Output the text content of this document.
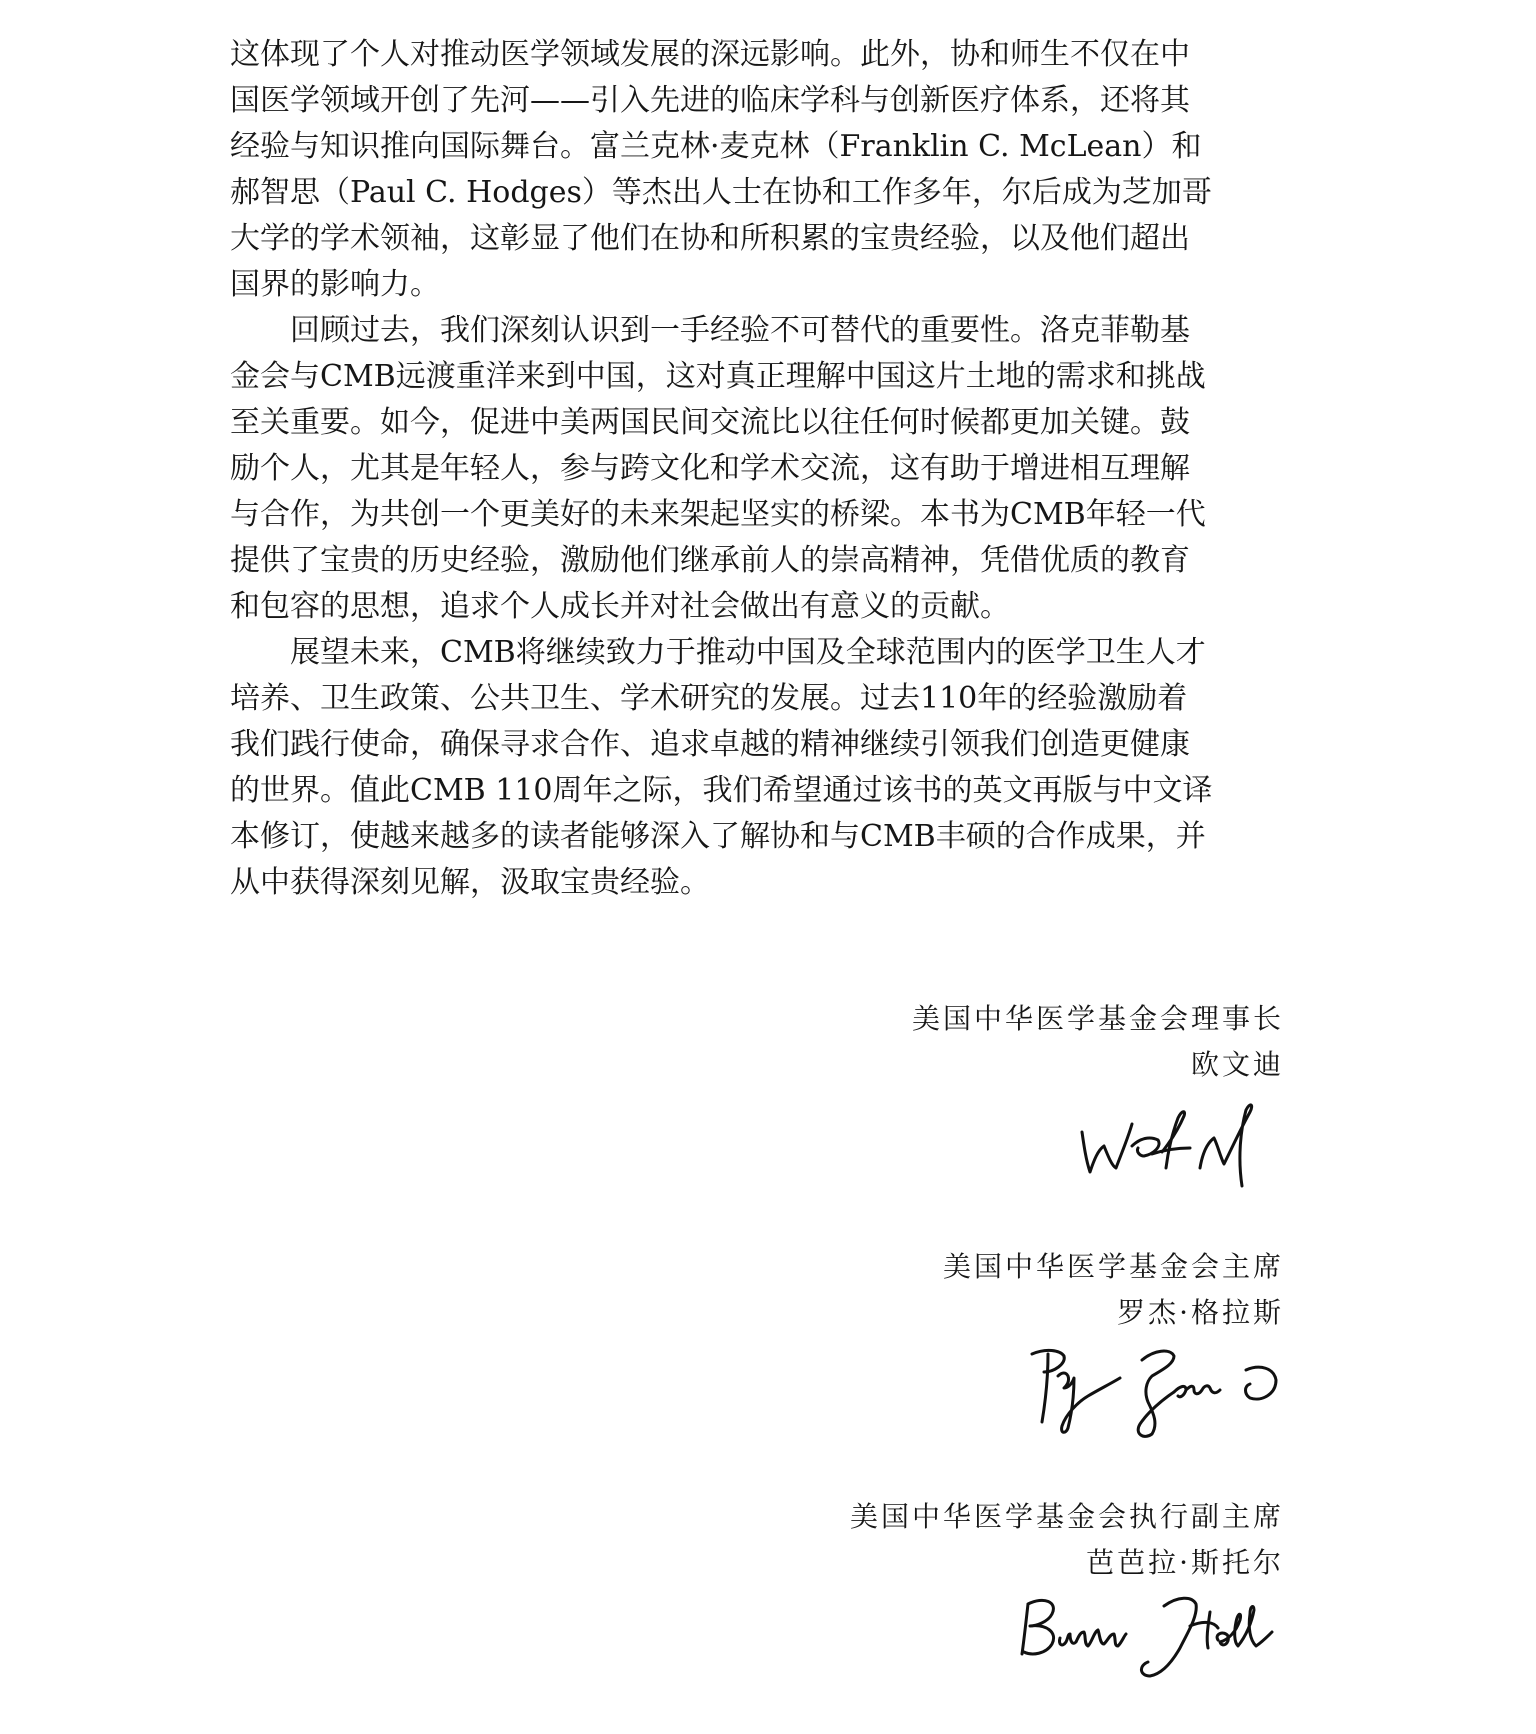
这体现了个人对推动医学领域发展的深远影响。此外，协和师生不仅在中
国医学领域开创了先河——引入先进的临床学科与创新医疗体系，还将其
经验与知识推向国际舞台。富兰克林·麦克林（Franklin C. McLean）和
郝智思（Paul C. Hodges）等杰出人士在协和工作多年，尔后成为芝加哥
大学的学术领袖，这彰显了他们在协和所积累的宝贵经验，以及他们超出
国界的影响力。
　　回顾过去，我们深刻认识到一手经验不可替代的重要性。洛克菲勒基
金会与CMB远渡重洋来到中国，这对真正理解中国这片土地的需求和挑战
至关重要。如今，促进中美两国民间交流比以往任何时候都更加关键。鼓
励个人，尤其是年轻人，参与跨文化和学术交流，这有助于增进相互理解
与合作，为共创一个更美好的未来架起坚实的桥梁。本书为CMB年轻一代
提供了宝贵的历史经验，激励他们继承前人的崇高精神，凭借优质的教育
和包容的思想，追求个人成长并对社会做出有意义的贡献。
　　展望未来，CMB将继续致力于推动中国及全球范围内的医学卫生人才
培养、卫生政策、公共卫生、学术研究的发展。过去110年的经验激励着
我们践行使命，确保寻求合作、追求卓越的精神继续引领我们创造更健康
的世界。值此CMB 110周年之际，我们希望通过该书的英文再版与中文译
本修订，使越来越多的读者能够深入了解协和与CMB丰硕的合作成果，并
从中获得深刻见解，汲取宝贵经验。
美国中华医学基金会理事长
欧文迪
美国中华医学基金会主席
罗杰·格拉斯
美国中华医学基金会执行副主席
芭芭拉·斯托尔
